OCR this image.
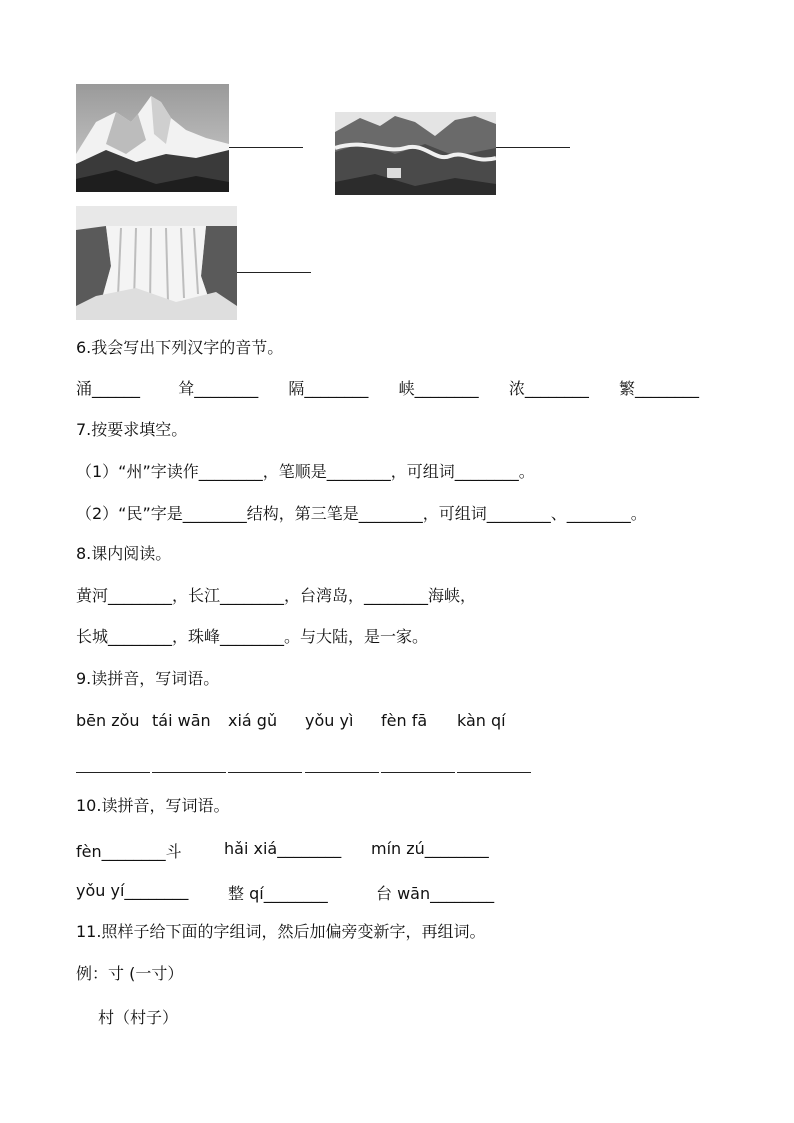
6.我会写出下列汉字的音节。
涌______ 耸________ 隔________ 峡________ 浓________ 繁________
7.按要求填空。
（1）“州”字读作________，笔顺是________，可组词________。
（2）“民”字是________结构，第三笔是________，可组词________、________。
8.课内阅读。
黄河________，长江________，台湾岛，________海峡，
长城________，珠峰________。与大陆，是一家。
9.读拼音，写词语。
bēn zǒu tái wān xiá gǔ yǒu yì fèn fā kàn qí
10.读拼音，写词语。
fèn________斗	hǎi xiá________ mín zú________
yǒu yí________ 整 qí________	台 wān________
11.照样子给下面的字组词，然后加偏旁变新字，再组词。
例：寸 (一寸）
村（村子）
